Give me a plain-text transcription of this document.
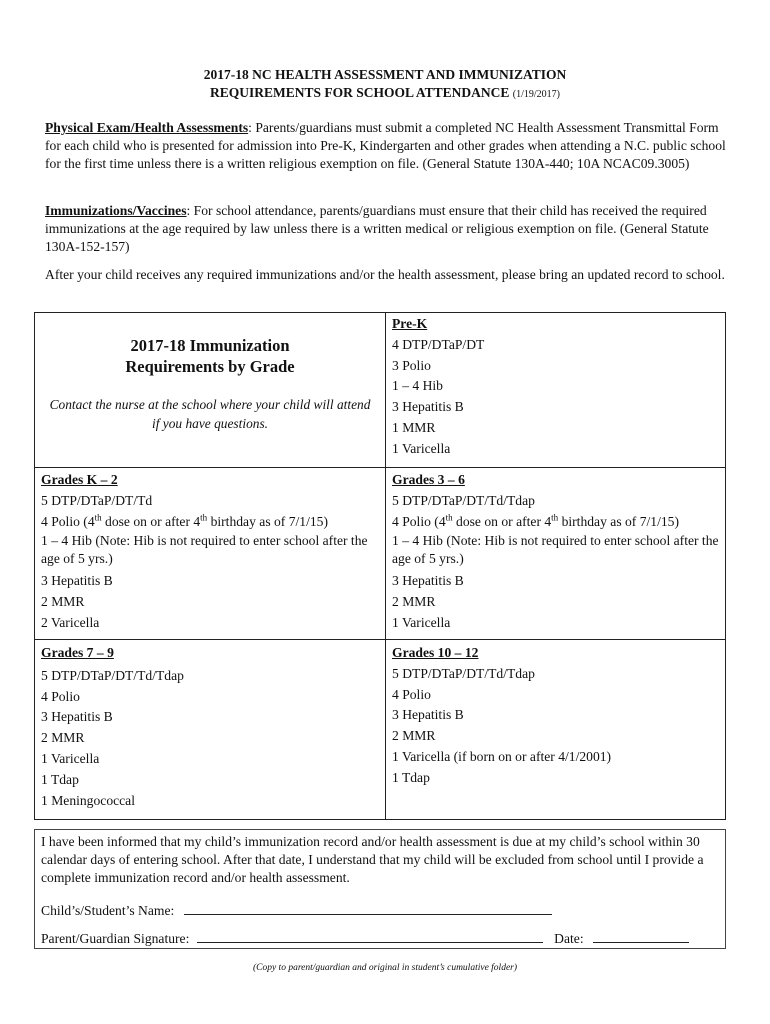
2017-18 NC HEALTH ASSESSMENT AND IMMUNIZATION
REQUIREMENTS FOR SCHOOL ATTENDANCE (1/19/2017)
Physical Exam/Health Assessments: Parents/guardians must submit a completed NC Health Assessment Transmittal Form for each child who is presented for admission into Pre-K, Kindergarten and other grades when attending a N.C. public school for the first time unless there is a written religious exemption on file. (General Statute 130A-440; 10A NCAC09.3005)
Immunizations/Vaccines: For school attendance, parents/guardians must ensure that their child has received the required immunizations at the age required by law unless there is a written medical or religious exemption on file. (General Statute 130A-152-157)
After your child receives any required immunizations and/or the health assessment, please bring an updated record to school.
2017-18 Immunization
Requirements by Grade
Contact the nurse at the school where your child will attend if you have questions.
Pre-K
4 DTP/DTaP/DT
3 Polio
1 – 4 Hib
3 Hepatitis B
1 MMR
1 Varicella
Grades K – 2
5 DTP/DTaP/DT/Td
4 Polio (4th dose on or after 4th birthday as of 7/1/15)
1 – 4 Hib (Note: Hib is not required to enter school after the age of 5 yrs.)
3 Hepatitis B
2 MMR
2 Varicella
Grades 3 – 6
5 DTP/DTaP/DT/Td/Tdap
4 Polio (4th dose on or after 4th birthday as of 7/1/15)
1 – 4 Hib (Note: Hib is not required to enter school after the age of 5 yrs.)
3 Hepatitis B
2 MMR
1 Varicella
Grades 7 – 9
5 DTP/DTaP/DT/Td/Tdap
4 Polio
3 Hepatitis B
2 MMR
1 Varicella
1 Tdap
1 Meningococcal
Grades 10 – 12
5 DTP/DTaP/DT/Td/Tdap
4 Polio
3 Hepatitis B
2 MMR
1 Varicella (if born on or after 4/1/2001)
1 Tdap
I have been informed that my child’s immunization record and/or health assessment is due at my child’s school within 30 calendar days of entering school. After that date, I understand that my child will be excluded from school until I provide a complete immunization record and/or health assessment.
Child’s/Student’s Name:
Parent/Guardian Signature:	Date:
(Copy to parent/guardian and original in student’s cumulative folder)
